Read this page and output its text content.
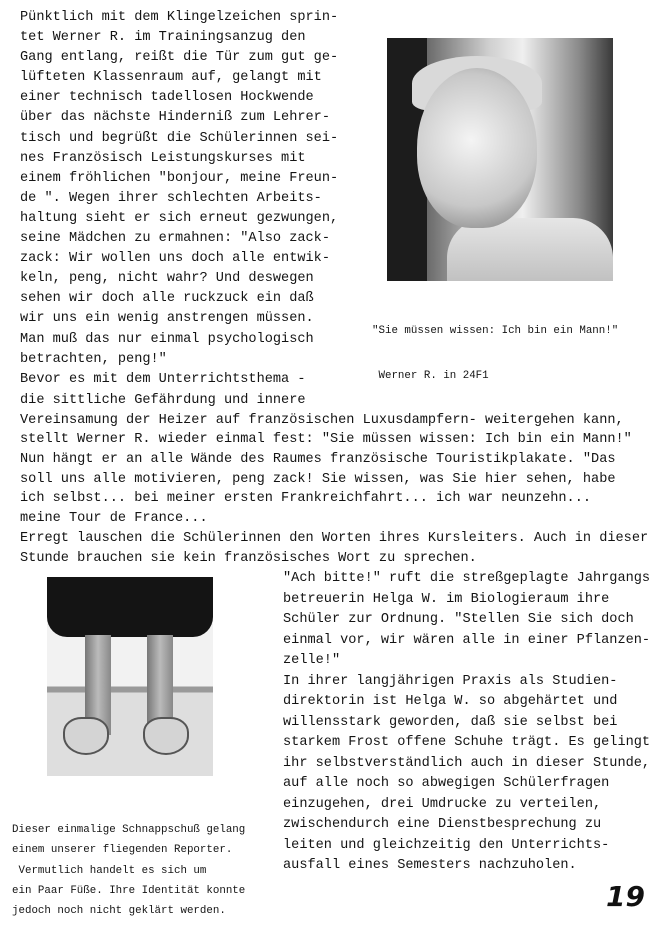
Pünktlich mit dem Klingelzeichen sprin-
tet Werner R. im Trainingsanzug den
Gang entlang, reißt die Tür zum gut ge-
lüfteten Klassenraum auf, gelangt mit
einer technisch tadellosen Hockwende
über das nächste Hinderniß zum Lehrer-
tisch und begrüßt die Schülerinnen sei-
nes Französisch Leistungskurses mit
einem fröhlichen "bonjour, meine Freun-
de ". Wegen ihrer schlechten Arbeits-
haltung sieht er sich erneut gezwungen,
seine Mädchen zu ermahnen: "Also zack-
zack: Wir wollen uns doch alle entwik-
keln, peng, nicht wahr? Und deswegen
sehen wir doch alle ruckzuck ein daß
wir uns ein wenig anstrengen müssen.
Man muß das nur einmal psychologisch
betrachten, peng!"
Bevor es mit dem Unterrichtsthema -

"Sie müssen wissen: Ich bin ein Mann!"

Werner R. in 24F1

die sittliche Gefährdung und innere
Vereinsamung der Heizer auf französischen Luxusdampfern- weitergehen kann,
stellt Werner R. wieder einmal fest: "Sie müssen wissen: Ich bin ein Mann!"
Nun hängt er an alle Wände des Raumes französische Touristikplakate. "Das
soll uns alle motivieren, peng zack! Sie wissen, was Sie hier sehen, habe
ich selbst... bei meiner ersten Frankreichfahrt... ich war neunzehn...
meine Tour de France...
Erregt lauschen die Schülerinnen den Worten ihres Kursleiters. Auch in dieser
Stunde brauchen sie kein französisches Wort zu sprechen.
Dieser einmalige Schnappschuß gelang
einem unserer fliegenden Reporter.
Vermutlich handelt es sich um
ein Paar Füße. Ihre Identität konnte
jedoch noch nicht geklärt werden.
"Ach bitte!" ruft die streßgeplagte Jahrgangs
betreuerin Helga W. im Biologieraum ihre
Schüler zur Ordnung. "Stellen Sie sich doch
einmal vor, wir wären alle in einer Pflanzen-
zelle!"
In ihrer langjährigen Praxis als Studien-
direktorin ist Helga W. so abgehärtet und
willensstark geworden, daß sie selbst bei
starkem Frost offene Schuhe trägt. Es gelingt
ihr selbstverständlich auch in dieser Stunde,
auf alle noch so abwegigen Schülerfragen
einzugehen, drei Umdrucke zu verteilen,
zwischendurch eine Dienstbesprechung zu
leiten und gleichzeitig den Unterrichts-
ausfall eines Semesters nachzuholen.
19
